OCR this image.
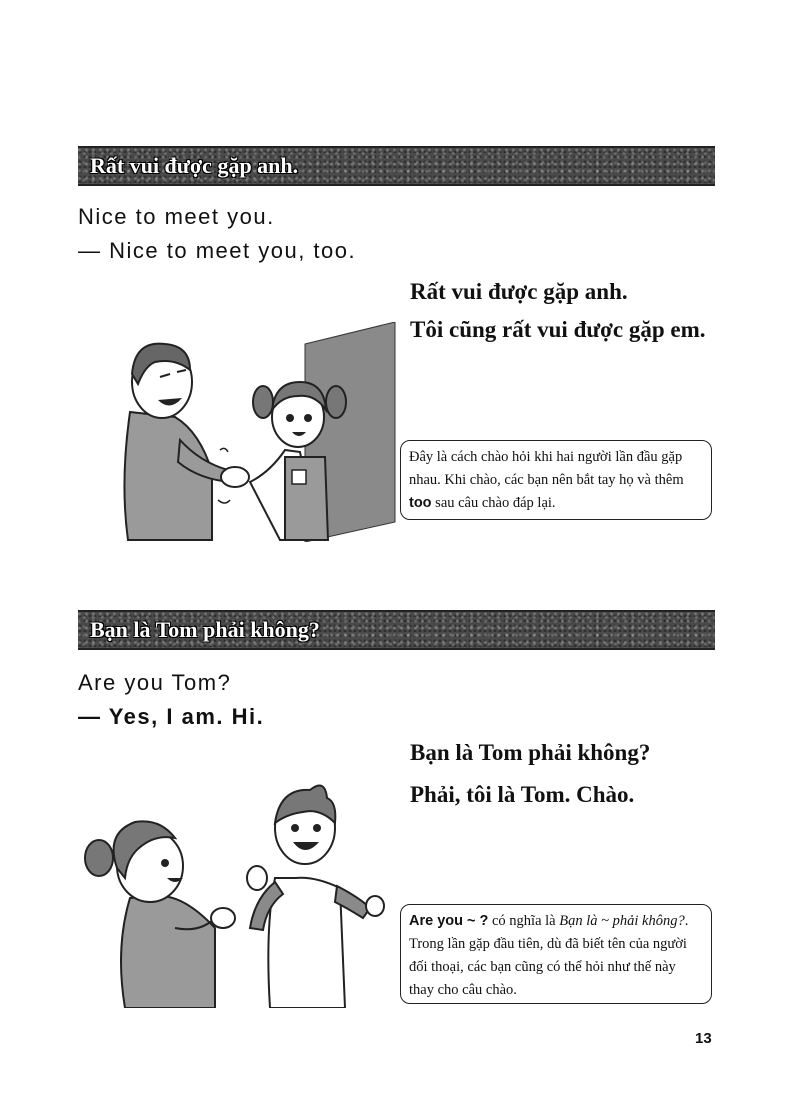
Rất vui được gặp anh.
Nice to meet you.
— Nice to meet you, too.
Rất vui được gặp anh.
Tôi cũng rất vui được gặp em.
Đây là cách chào hỏi khi hai người lần đầu gặp nhau. Khi chào, các bạn nên bắt tay họ và thêm too sau câu chào đáp lại.
Bạn là Tom phải không?
Are you Tom?
— Yes, I am. Hi.
Bạn là Tom phải không?
Phải, tôi là Tom. Chào.
Are you ~ ? có nghĩa là Bạn là ~ phải không?. Trong lần gặp đầu tiên, dù đã biết tên của người đối thoại, các bạn cũng có thể hỏi như thế này thay cho câu chào.
13
